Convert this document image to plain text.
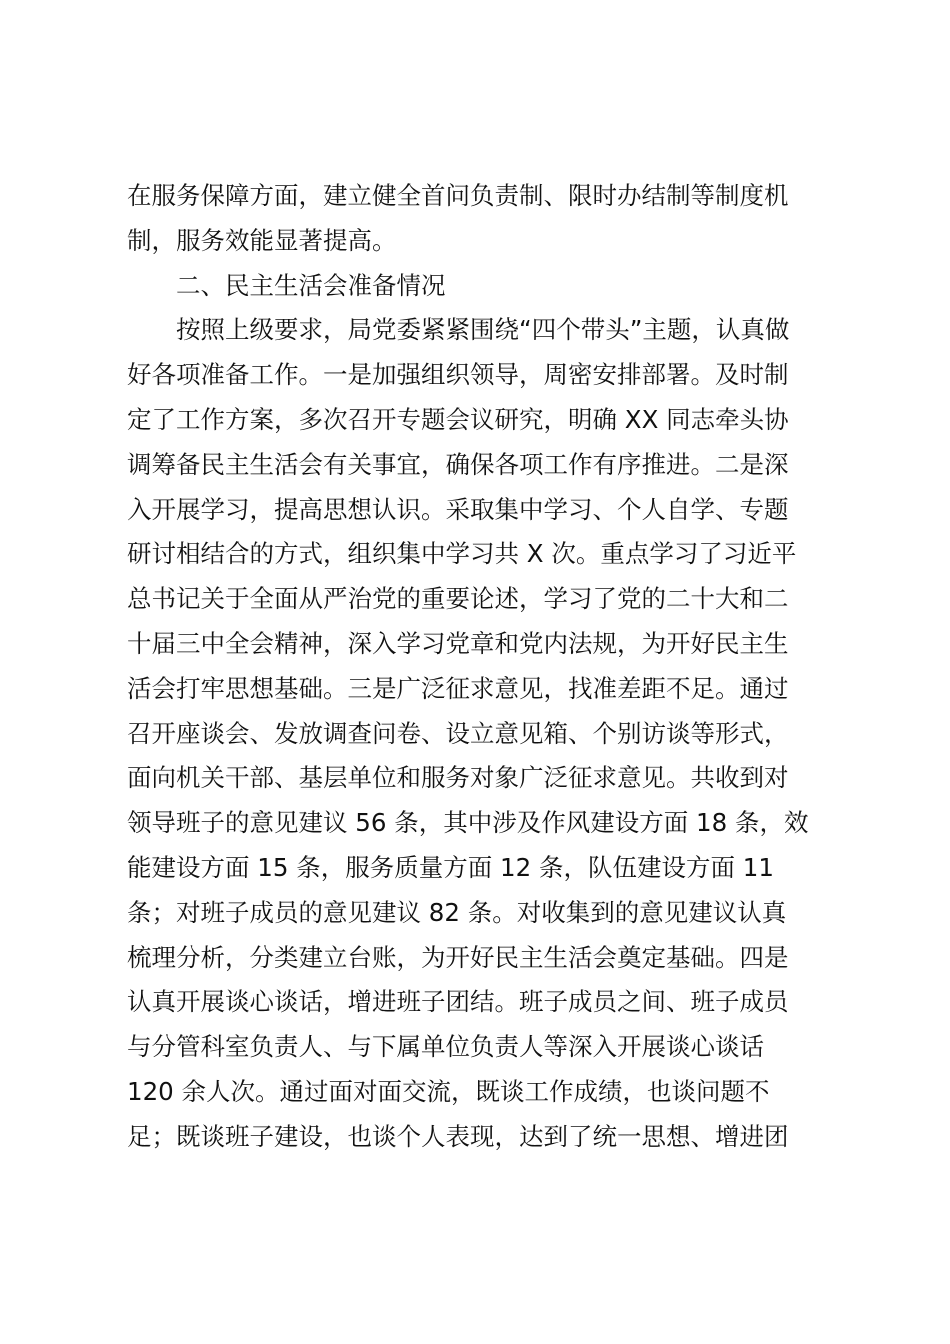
在服务保障方面，建立健全首问负责制、限时办结制等制度机
制，服务效能显著提高。
二、民主生活会准备情况
按照上级要求，局党委紧紧围绕“四个带头”主题，认真做
好各项准备工作。一是加强组织领导，周密安排部署。及时制
定了工作方案，多次召开专题会议研究，明确 XX 同志牵头协
调筹备民主生活会有关事宜，确保各项工作有序推进。二是深
入开展学习，提高思想认识。采取集中学习、个人自学、专题
研讨相结合的方式，组织集中学习共 X 次。重点学习了习近平
总书记关于全面从严治党的重要论述，学习了党的二十大和二
十届三中全会精神，深入学习党章和党内法规，为开好民主生
活会打牢思想基础。三是广泛征求意见，找准差距不足。通过
召开座谈会、发放调查问卷、设立意见箱、个别访谈等形式，
面向机关干部、基层单位和服务对象广泛征求意见。共收到对
领导班子的意见建议 56 条，其中涉及作风建设方面 18 条，效
能建设方面 15 条，服务质量方面 12 条，队伍建设方面 11
条；对班子成员的意见建议 82 条。对收集到的意见建议认真
梳理分析，分类建立台账，为开好民主生活会奠定基础。四是
认真开展谈心谈话，增进班子团结。班子成员之间、班子成员
与分管科室负责人、与下属单位负责人等深入开展谈心谈话
120 余人次。通过面对面交流，既谈工作成绩，也谈问题不
足；既谈班子建设，也谈个人表现，达到了统一思想、增进团
